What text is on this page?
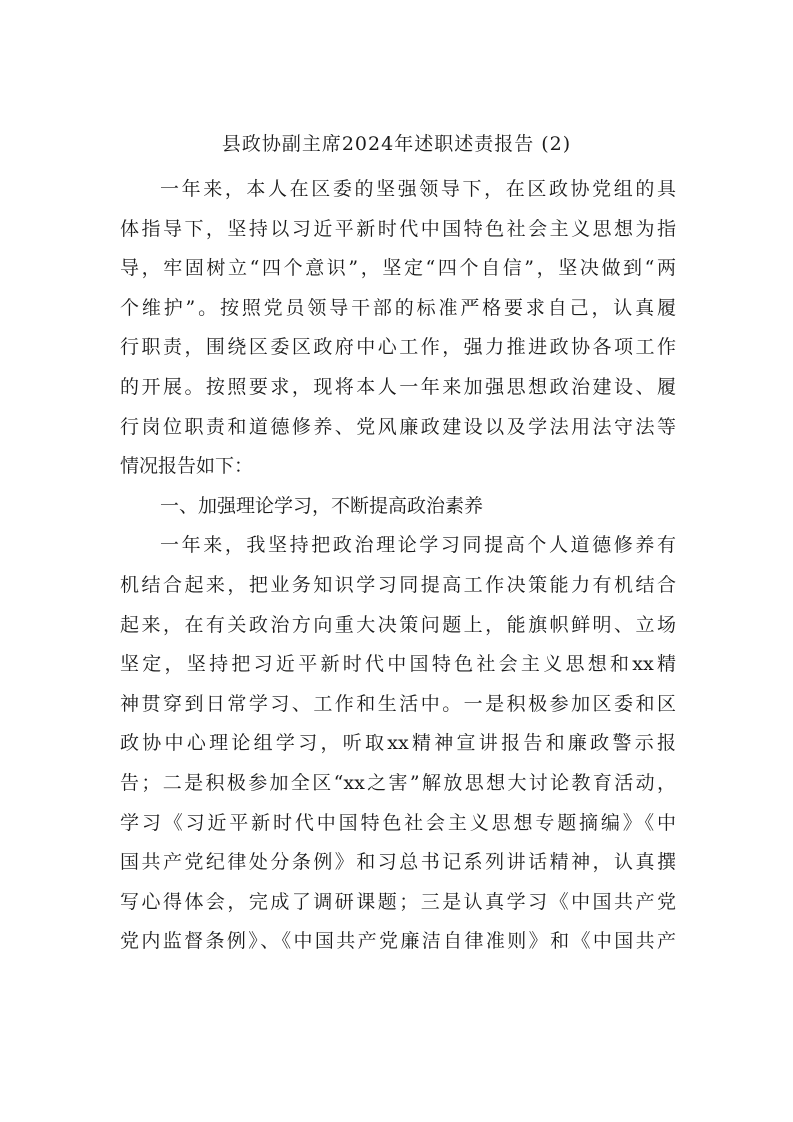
县政协副主席2024年述职述责报告 (2)
一年来，本人在区委的坚强领导下，在区政协党组的具
体指导下，坚持以习近平新时代中国特色社会主义思想为指
导，牢固树立“四个意识”，坚定“四个自信”，坚决做到“两
个维护”。按照党员领导干部的标准严格要求自己，认真履
行职责，围绕区委区政府中心工作，强力推进政协各项工作
的开展。按照要求，现将本人一年来加强思想政治建设、履
行岗位职责和道德修养、党风廉政建设以及学法用法守法等
情况报告如下：
一、加强理论学习，不断提高政治素养
一年来，我坚持把政治理论学习同提高个人道德修养有
机结合起来，把业务知识学习同提高工作决策能力有机结合
起来，在有关政治方向重大决策问题上，能旗帜鲜明、立场
坚定，坚持把习近平新时代中国特色社会主义思想和xx精
神贯穿到日常学习、工作和生活中。一是积极参加区委和区
政协中心理论组学习，听取xx精神宣讲报告和廉政警示报
告；二是积极参加全区“xx之害”解放思想大讨论教育活动，
学习《习近平新时代中国特色社会主义思想专题摘编》《中
国共产党纪律处分条例》和习总书记系列讲话精神，认真撰
写心得体会，完成了调研课题；三是认真学习《中国共产党
党内监督条例》、《中国共产党廉洁自律准则》和《中国共产
